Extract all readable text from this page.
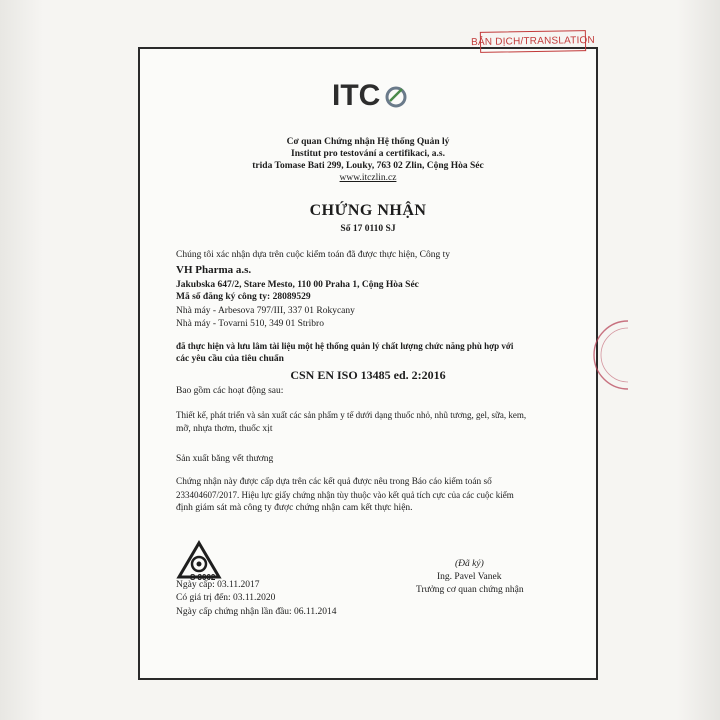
BẢN DỊCH/TRANSLATION
ITC
Cơ quan Chứng nhận Hệ thống Quản lý
Institut pro testování a certifikaci, a.s.
trida Tomase Bati 299, Louky, 763 02 Zlin, Cộng Hòa Séc
www.itczlin.cz
CHỨNG NHẬN
Số 17 0110 SJ
Chúng tôi xác nhận dựa trên cuộc kiểm toán đã được thực hiện, Công ty
VH Pharma a.s.
Jakubska 647/2, Stare Mesto, 110 00 Praha 1, Cộng Hòa Séc
Mã số đăng ký công ty: 28089529
Nhà máy - Arbesova 797/III, 337 01 Rokycany
Nhà máy - Tovarni 510, 349 01 Stribro
đã thực hiện và lưu lâm tài liệu một hệ thống quản lý chất lượng chức năng phù hợp với
các yêu cầu của tiêu chuẩn
CSN EN ISO 13485 ed. 2:2016
Bao gồm các hoạt động sau:
Thiết kế, phát triển và sản xuất các sản phẩm y tế dưới dạng thuốc nhỏ, nhũ tương, gel, sữa, kem,
mỡ, nhựa thơm, thuốc xịt
Sản xuất băng vết thương
Chứng nhận này được cấp dựa trên các kết quả được nêu trong Báo cáo kiểm toán số
233404607/2017. Hiệu lực giấy chứng nhận tùy thuộc vào kết quả tích cực của các cuộc kiểm
định giám sát mà công ty được chứng nhận cam kết thực hiện.
S 3002
Ngày cấp: 03.11.2017
Có giá trị đến: 03.11.2020
Ngày cấp chứng nhận lần đầu: 06.11.2014
(Đã ký)
Ing. Pavel Vanek
Trưởng cơ quan chứng nhận
